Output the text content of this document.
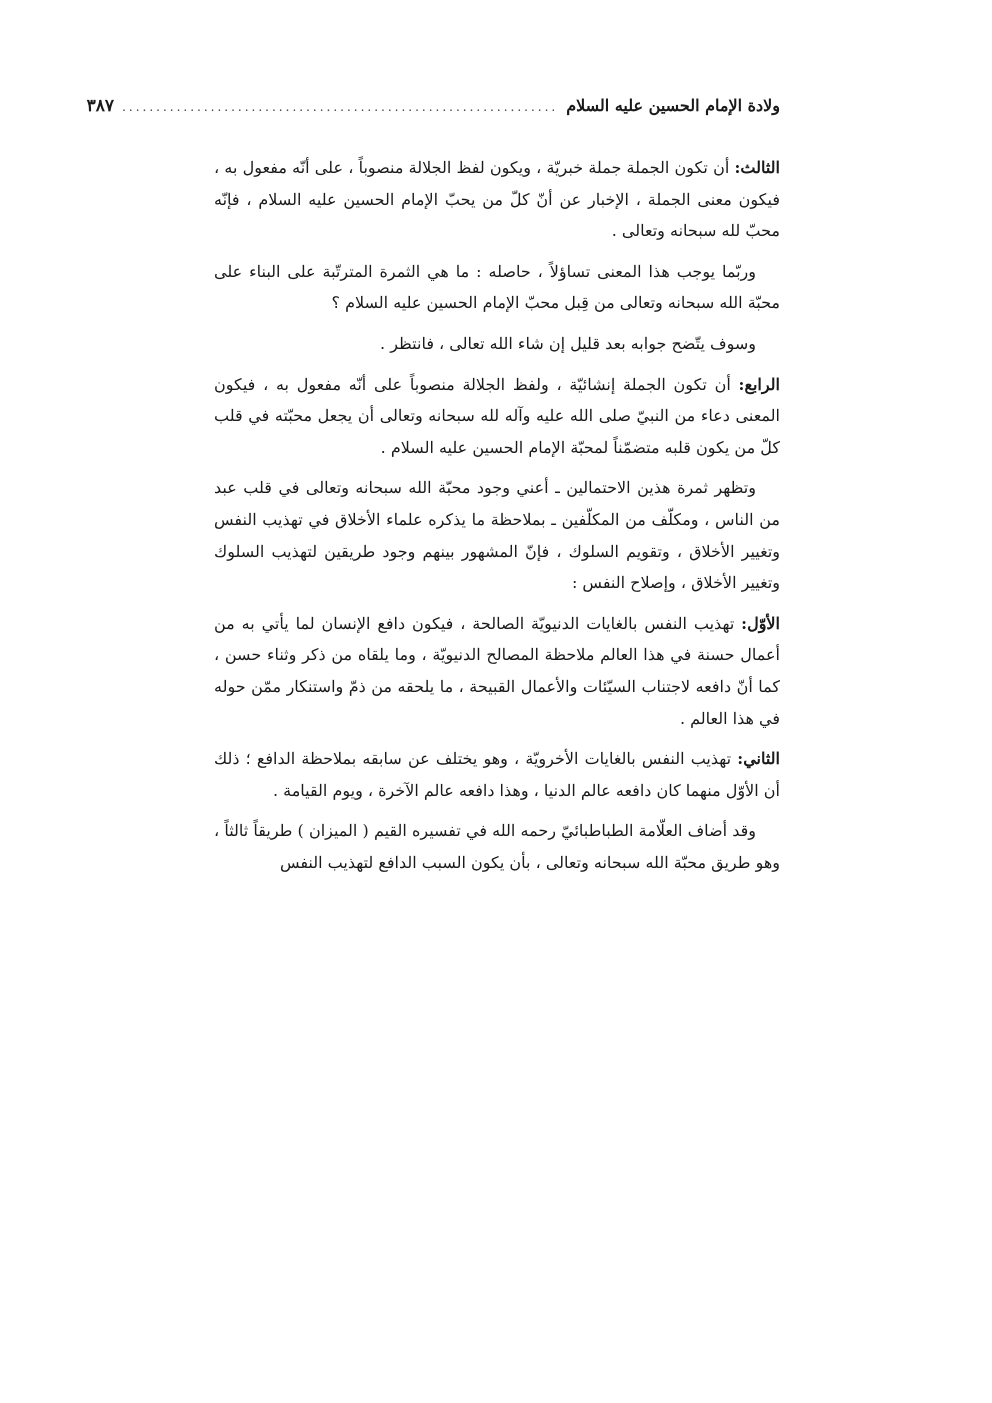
ولادة الإمام الحسين عليه السلام
................................................................
٣٨٧

الثالث: أن تكون الجملة جملة خبريّة ، ويكون لفظ الجلالة منصوباً ، على أنّه مفعول به ، فيكون معنى الجملة ، الإخبار عن أنّ كلّ من يحبّ الإمام الحسين عليه السلام ، فإنّه محبّ لله سبحانه وتعالى .

وربّما يوجب هذا المعنى تساؤلاً ، حاصله : ما هي الثمرة المترتّبة على البناء على محبّة الله سبحانه وتعالى من قِبل محبّ الإمام الحسين عليه السلام ؟

وسوف يتّضح جوابه بعد قليل إن شاء الله تعالى ، فانتظر .

الرابع: أن تكون الجملة إنشائيّة ، ولفظ الجلالة منصوباً على أنّه مفعول به ، فيكون المعنى دعاء من النبيّ صلى الله عليه وآله لله سبحانه وتعالى أن يجعل محبّته في قلب كلّ من يكون قلبه متضمّناً لمحبّة الإمام الحسين عليه السلام .

وتظهر ثمرة هذين الاحتمالين ـ أعني وجود محبّة الله سبحانه وتعالى في قلب عبد من الناس ، ومكلّف من المكلّفين ـ بملاحظة ما يذكره علماء الأخلاق في تهذيب النفس وتغيير الأخلاق ، وتقويم السلوك ، فإنّ المشهور بينهم وجود طريقين لتهذيب السلوك وتغيير الأخلاق ، وإصلاح النفس :

الأوّل: تهذيب النفس بالغايات الدنيويّة الصالحة ، فيكون دافع الإنسان لما يأتي به من أعمال حسنة في هذا العالم ملاحظة المصالح الدنيويّة ، وما يلقاه من ذكر وثناء حسن ، كما أنّ دافعه لاجتناب السيّئات والأعمال القبيحة ، ما يلحقه من ذمّ واستنكار ممّن حوله في هذا العالم .

الثاني: تهذيب النفس بالغايات الأخرويّة ، وهو يختلف عن سابقه بملاحظة الدافع ؛ ذلك أن الأوّل منهما كان دافعه عالم الدنيا ، وهذا دافعه عالم الآخرة ، ويوم القيامة .

وقد أضاف العلّامة الطباطبائيّ رحمه الله في تفسيره القيم ( الميزان ) طريقاً ثالثاً ، وهو طريق محبّة الله سبحانه وتعالى ، بأن يكون السبب الدافع لتهذيب النفس
